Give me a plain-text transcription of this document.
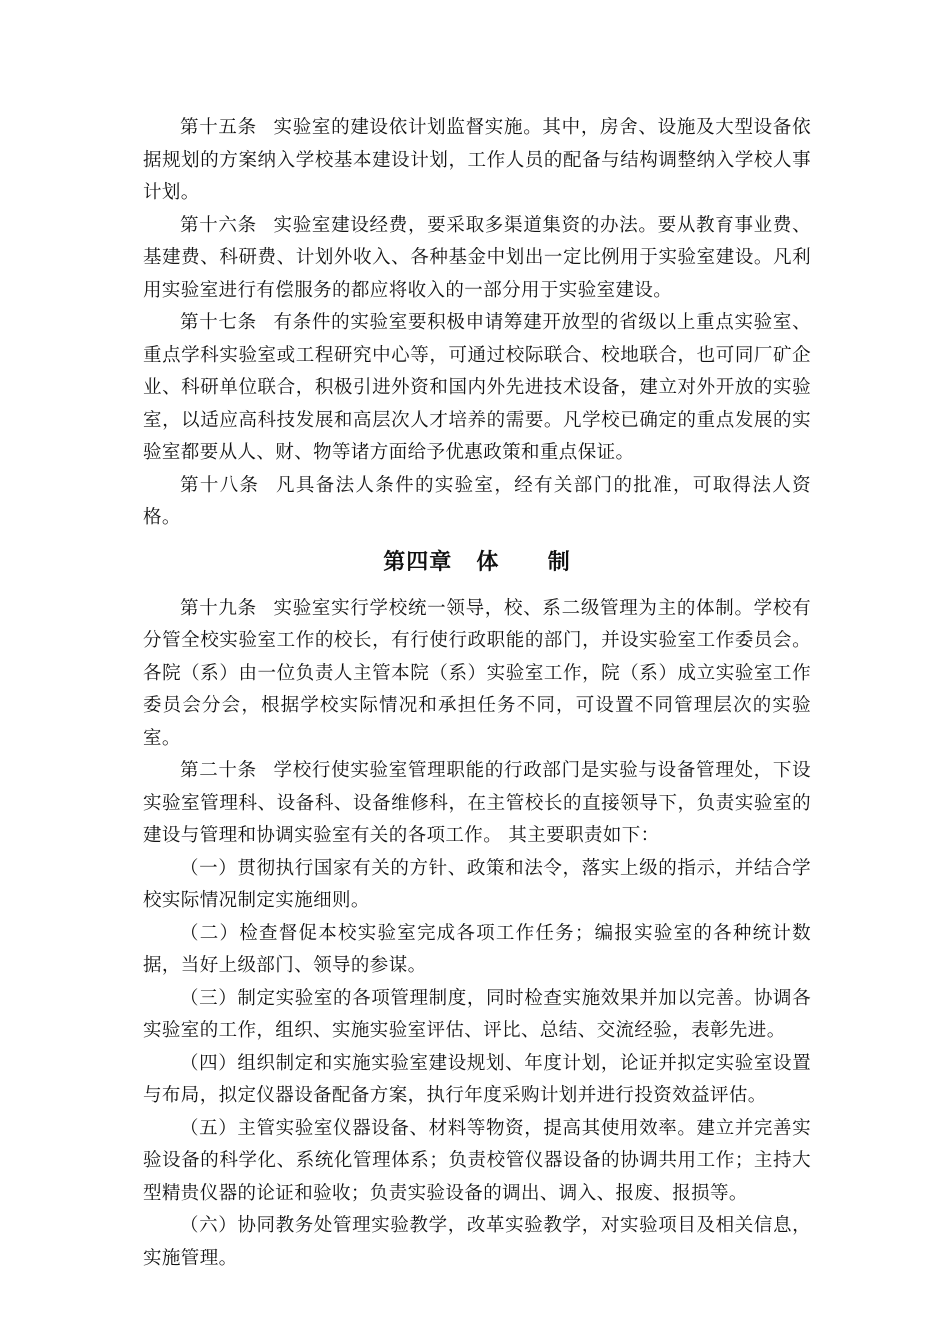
第十五条 实验室的建设依计划监督实施。其中，房舍、设施及大型设备依据规划的方案纳入学校基本建设计划，工作人员的配备与结构调整纳入学校人事计划。

第十六条 实验室建设经费，要采取多渠道集资的办法。要从教育事业费、基建费、科研费、计划外收入、各种基金中划出一定比例用于实验室建设。凡利用实验室进行有偿服务的都应将收入的一部分用于实验室建设。

第十七条 有条件的实验室要积极申请筹建开放型的省级以上重点实验室、重点学科实验室或工程研究中心等，可通过校际联合、校地联合，也可同厂矿企业、科研单位联合，积极引进外资和国内外先进技术设备，建立对外开放的实验室，以适应高科技发展和高层次人才培养的需要。凡学校已确定的重点发展的实验室都要从人、财、物等诸方面给予优惠政策和重点保证。

第十八条 凡具备法人条件的实验室，经有关部门的批准，可取得法人资格。

第四章 体 制

第十九条 实验室实行学校统一领导，校、系二级管理为主的体制。学校有分管全校实验室工作的校长，有行使行政职能的部门，并设实验室工作委员会。各院（系）由一位负责人主管本院（系）实验室工作，院（系）成立实验室工作委员会分会，根据学校实际情况和承担任务不同，可设置不同管理层次的实验室。

第二十条 学校行使实验室管理职能的行政部门是实验与设备管理处，下设实验室管理科、设备科、设备维修科，在主管校长的直接领导下，负责实验室的建设与管理和协调实验室有关的各项工作。 其主要职责如下：

（一）贯彻执行国家有关的方针、政策和法令，落实上级的指示，并结合学校实际情况制定实施细则。

（二）检查督促本校实验室完成各项工作任务；编报实验室的各种统计数据，当好上级部门、领导的参谋。

（三）制定实验室的各项管理制度，同时检查实施效果并加以完善。协调各实验室的工作，组织、实施实验室评估、评比、总结、交流经验，表彰先进。

（四）组织制定和实施实验室建设规划、年度计划，论证并拟定实验室设置与布局，拟定仪器设备配备方案，执行年度采购计划并进行投资效益评估。

（五）主管实验室仪器设备、材料等物资，提高其使用效率。建立并完善实验设备的科学化、系统化管理体系；负责校管仪器设备的协调共用工作；主持大型精贵仪器的论证和验收；负责实验设备的调出、调入、报废、报损等。

（六）协同教务处管理实验教学，改革实验教学，对实验项目及相关信息，实施管理。
